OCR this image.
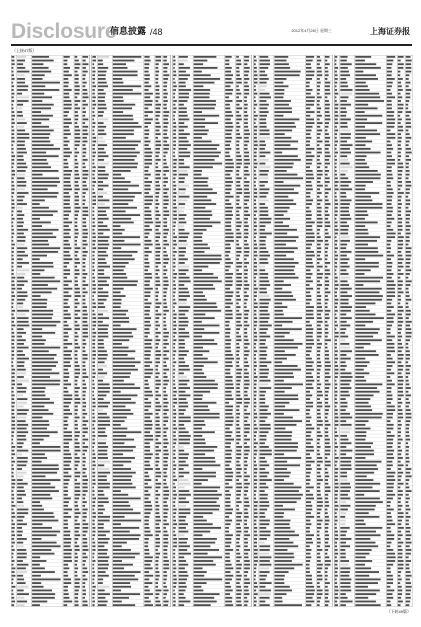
Disclosure
信息披露 /48	2012年4月26日 星期三	上海证券报
（上接47版）
（下转49版）
